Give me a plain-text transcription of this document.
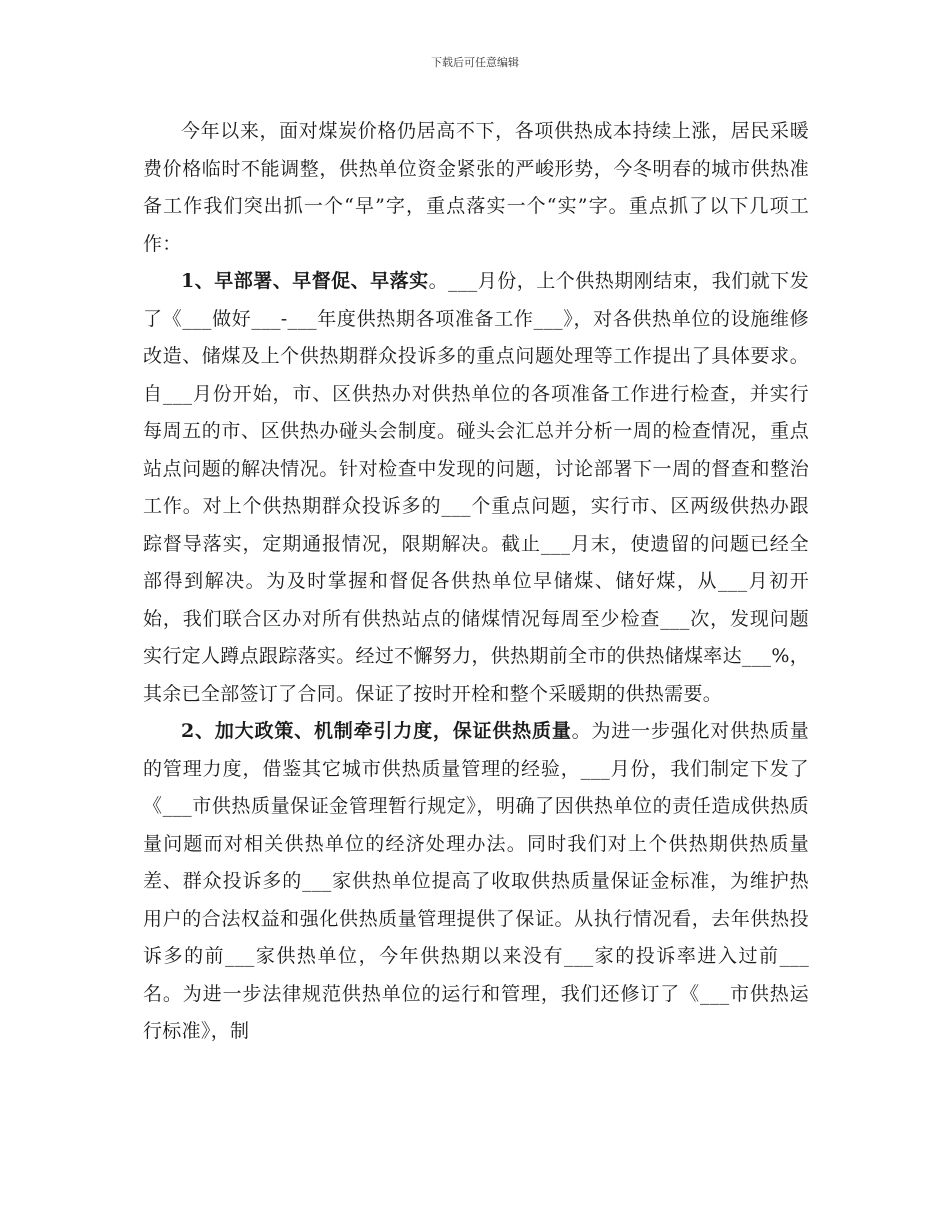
下载后可任意编辑

今年以来，面对煤炭价格仍居高不下，各项供热成本持续上涨，居民采暖费价格临时不能调整，供热单位资金紧张的严峻形势，今冬明春的城市供热准备工作我们突出抓一个“早”字，重点落实一个“实”字。重点抓了以下几项工作：

1、早部署、早督促、早落实。___月份，上个供热期刚结束，我们就下发了《___做好___-___年度供热期各项准备工作___》，对各供热单位的设施维修改造、储煤及上个供热期群众投诉多的重点问题处理等工作提出了具体要求。自___月份开始，市、区供热办对供热单位的各项准备工作进行检查，并实行每周五的市、区供热办碰头会制度。碰头会汇总并分析一周的检查情况，重点站点问题的解决情况。针对检查中发现的问题，讨论部署下一周的督查和整治工作。对上个供热期群众投诉多的___个重点问题，实行市、区两级供热办跟踪督导落实，定期通报情况，限期解决。截止___月末，使遗留的问题已经全部得到解决。为及时掌握和督促各供热单位早储煤、储好煤，从___月初开始，我们联合区办对所有供热站点的储煤情况每周至少检查___次，发现问题实行定人蹲点跟踪落实。经过不懈努力，供热期前全市的供热储煤率达___%，其余已全部签订了合同。保证了按时开栓和整个采暖期的供热需要。

2、加大政策、机制牵引力度，保证供热质量。为进一步强化对供热质量的管理力度，借鉴其它城市供热质量管理的经验，___月份，我们制定下发了《___市供热质量保证金管理暂行规定》，明确了因供热单位的责任造成供热质量问题而对相关供热单位的经济处理办法。同时我们对上个供热期供热质量差、群众投诉多的___家供热单位提高了收取供热质量保证金标准，为维护热用户的合法权益和强化供热质量管理提供了保证。从执行情况看，去年供热投诉多的前___家供热单位，今年供热期以来没有___家的投诉率进入过前___名。为进一步法律规范供热单位的运行和管理，我们还修订了《___市供热运行标准》，制
